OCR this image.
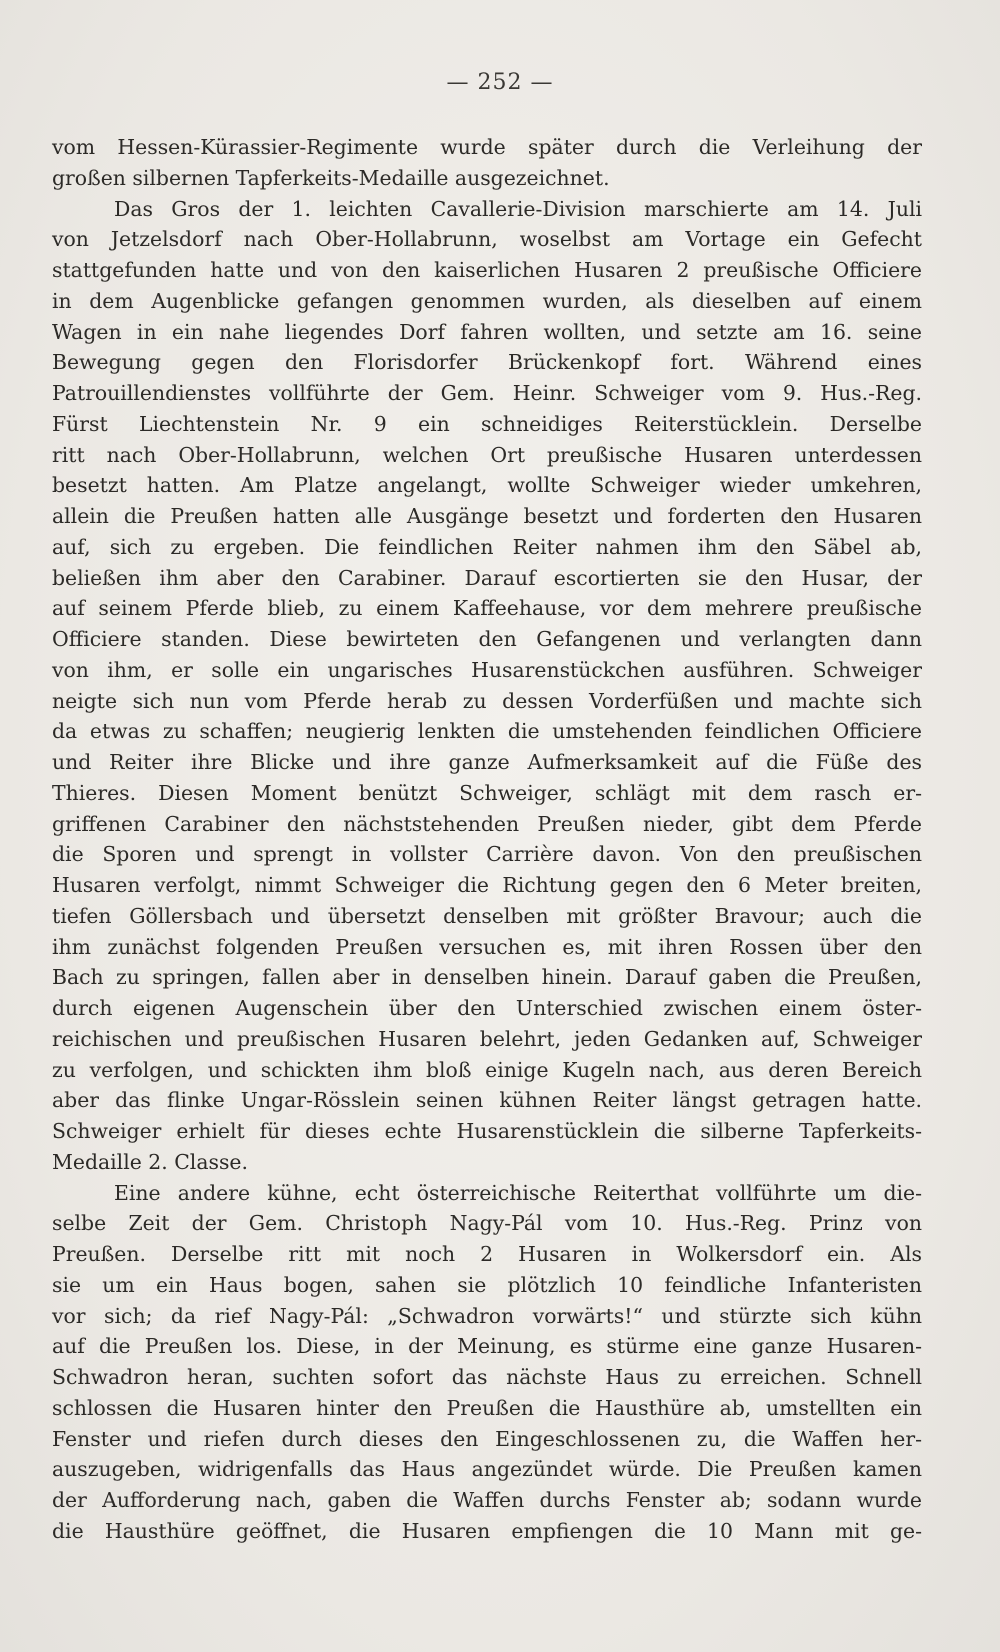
— 252 —

vom Hessen-Kürassier-Regimente wurde später durch die Verleihung der

großen silbernen Tapferkeits-Medaille ausgezeichnet.

Das Gros der 1. leichten Cavallerie-Division marschierte am 14. Juli

von Jetzelsdorf nach Ober-Hollabrunn, woselbst am Vortage ein Gefecht

stattgefunden hatte und von den kaiserlichen Husaren 2 preußische Officiere

in dem Augenblicke gefangen genommen wurden, als dieselben auf einem

Wagen in ein nahe liegendes Dorf fahren wollten, und setzte am 16. seine

Bewegung gegen den Florisdorfer Brückenkopf fort. Während eines

Patrouillendienstes vollführte der Gem. Heinr. Schweiger vom 9. Hus.-Reg.

Fürst Liechtenstein Nr. 9 ein schneidiges Reiterstücklein. Derselbe

ritt nach Ober-Hollabrunn, welchen Ort preußische Husaren unterdessen

besetzt hatten. Am Platze angelangt, wollte Schweiger wieder umkehren,

allein die Preußen hatten alle Ausgänge besetzt und forderten den Husaren

auf, sich zu ergeben. Die feindlichen Reiter nahmen ihm den Säbel ab,

beließen ihm aber den Carabiner. Darauf escortierten sie den Husar, der

auf seinem Pferde blieb, zu einem Kaffeehause, vor dem mehrere preußische

Officiere standen. Diese bewirteten den Gefangenen und verlangten dann

von ihm, er solle ein ungarisches Husarenstückchen ausführen. Schweiger

neigte sich nun vom Pferde herab zu dessen Vorderfüßen und machte sich

da etwas zu schaffen; neugierig lenkten die umstehenden feindlichen Officiere

und Reiter ihre Blicke und ihre ganze Aufmerksamkeit auf die Füße des

Thieres. Diesen Moment benützt Schweiger, schlägt mit dem rasch er-

griffenen Carabiner den nächststehenden Preußen nieder, gibt dem Pferde

die Sporen und sprengt in vollster Carrière davon. Von den preußischen

Husaren verfolgt, nimmt Schweiger die Richtung gegen den 6 Meter breiten,

tiefen Göllersbach und übersetzt denselben mit größter Bravour; auch die

ihm zunächst folgenden Preußen versuchen es, mit ihren Rossen über den

Bach zu springen, fallen aber in denselben hinein. Darauf gaben die Preußen,

durch eigenen Augenschein über den Unterschied zwischen einem öster-

reichischen und preußischen Husaren belehrt, jeden Gedanken auf, Schweiger

zu verfolgen, und schickten ihm bloß einige Kugeln nach, aus deren Bereich

aber das flinke Ungar-Rösslein seinen kühnen Reiter längst getragen hatte.

Schweiger erhielt für dieses echte Husarenstücklein die silberne Tapferkeits-

Medaille 2. Classe.

Eine andere kühne, echt österreichische Reiterthat vollführte um die-

selbe Zeit der Gem. Christoph Nagy-Pál vom 10. Hus.-Reg. Prinz von

Preußen. Derselbe ritt mit noch 2 Husaren in Wolkersdorf ein. Als

sie um ein Haus bogen, sahen sie plötzlich 10 feindliche Infanteristen

vor sich; da rief Nagy-Pál: „Schwadron vorwärts!“ und stürzte sich kühn

auf die Preußen los. Diese, in der Meinung, es stürme eine ganze Husaren-

Schwadron heran, suchten sofort das nächste Haus zu erreichen. Schnell

schlossen die Husaren hinter den Preußen die Hausthüre ab, umstellten ein

Fenster und riefen durch dieses den Eingeschlossenen zu, die Waffen her-

auszugeben, widrigenfalls das Haus angezündet würde. Die Preußen kamen

der Aufforderung nach, gaben die Waffen durchs Fenster ab; sodann wurde

die Hausthüre geöffnet, die Husaren empfiengen die 10 Mann mit ge-
